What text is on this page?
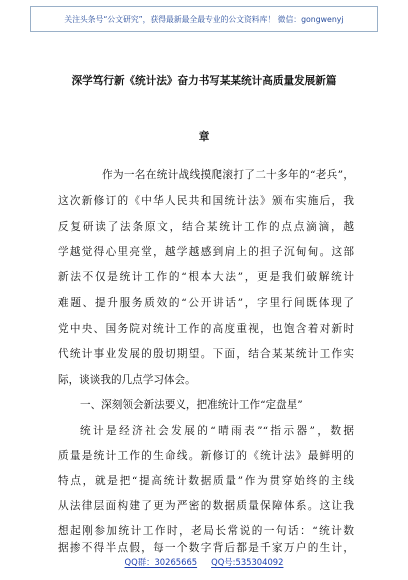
关注头条号“公文研究”，获得最新最全最专业的公文资料库！ 微信：gongwenyj
深学笃行新《统计法》奋力书写某某统计高质量发展新篇
章
作为一名在统计战线摸爬滚打了二十多年的“老兵”，
这次新修订的《中华人民共和国统计法》颁布实施后，我
反复研读了法条原文，结合某统计工作的点点滴滴，越
学越觉得心里亮堂，越学越感到肩上的担子沉甸甸。这部
新法不仅是统计工作的“根本大法”，更是我们破解统计
难题、提升服务质效的“公开讲话”，字里行间既体现了
党中央、国务院对统计工作的高度重视，也饱含着对新时
代统计事业发展的殷切期望。下面，结合某某统计工作实
际，谈谈我的几点学习体会。
一、深刻领会新法要义，把准统计工作“定盘星”
统计是经济社会发展的“晴雨表”“指示器”，数据
质量是统计工作的生命线。新修订的《统计法》最鲜明的
特点，就是把“提高统计数据质量”作为贯穿始终的主线
从法律层面构建了更为严密的数据质量保障体系。这让我
想起刚参加统计工作时，老局长常说的一句话：“统计数
据掺不得半点假，每一个数字背后都是千家万户的生计，
QQ群：30265665 QQ号:535304092
